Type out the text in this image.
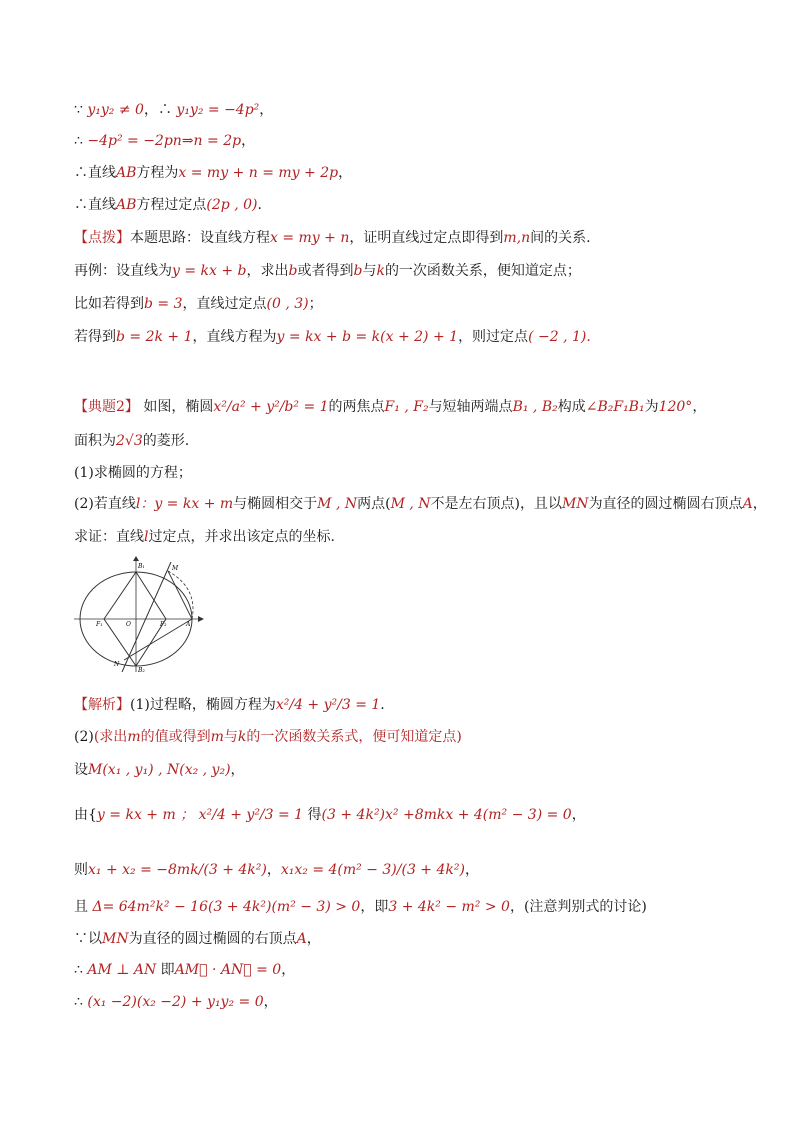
∵ y₁y₂ ≠ 0，∴ y₁y₂ = −4p²，
∴ −4p² = −2pn⇒n = 2p，
∴直线AB方程为x = my + n = my + 2p，
∴直线AB方程过定点(2p , 0).
【点拨】本题思路：设直线方程x = my + n，证明直线过定点即得到m,n间的关系.
再例：设直线为y = kx + b，求出b或者得到b与k的一次函数关系，便知道定点；
比如若得到b = 3，直线过定点(0 , 3)；
若得到b = 2k + 1，直线方程为y = kx + b = k(x + 2) + 1，则过定点( −2 , 1).
【典题2】 如图，椭圆x²/a² + y²/b² = 1的两焦点F₁ , F₂与短轴两端点B₁ , B₂构成∠B₂F₁B₁为120°，
面积为2√3的菱形.
(1)求椭圆的方程；
(2)若直线l：y = kx + m与椭圆相交于M , N两点(M , N不是左右顶点)，且以MN为直径的圆过椭圆右顶点A，
求证：直线l过定点，并求出该定点的坐标.
【解析】(1)过程略，椭圆方程为x²/4 + y²/3 = 1.
(2)(求出m的值或得到m与k的一次函数关系式，便可知道定点)
设M(x₁ , y₁) , N(x₂ , y₂)，
由{y = kx + m ； x²/4 + y²/3 = 1 得(3 + 4k²)x² +8mkx + 4(m² − 3) = 0，
则x₁ + x₂ = −8mk/(3 + 4k²)，x₁x₂ = 4(m² − 3)/(3 + 4k²)，
且 Δ= 64m²k² − 16(3 + 4k²)(m² − 3) > 0，即3 + 4k² − m² > 0，(注意判别式的讨论)
∵以MN为直径的圆过椭圆的右顶点A，
∴ AM ⊥ AN 即AM⃗ · AN⃗ = 0，
∴ (x₁ −2)(x₂ −2) + y₁y₂ = 0，
B₁	M
F₁	O	F₂	A
N
B₂
